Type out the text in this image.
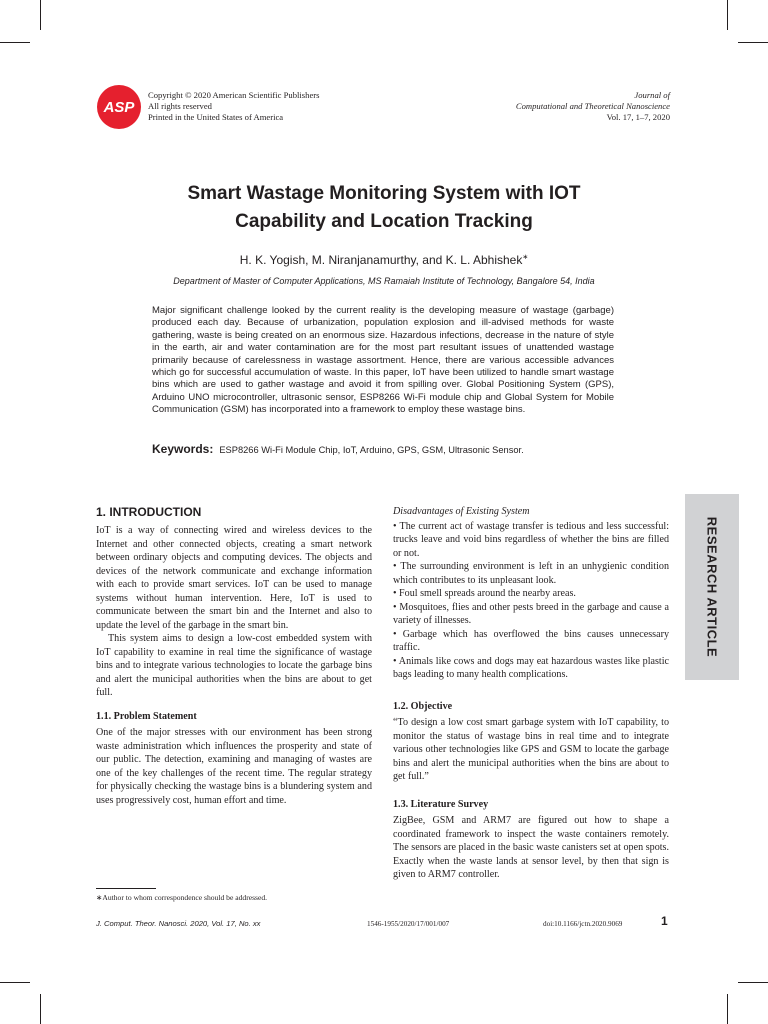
ASP
Copyright © 2020 American Scientific Publishers
All rights reserved
Printed in the United States of America
Journal of
Computational and Theoretical Nanoscience
Vol. 17, 1–7, 2020
Smart Wastage Monitoring System with IOT
Capability and Location Tracking
H. K. Yogish, M. Niranjanamurthy, and K. L. Abhishek∗
Department of Master of Computer Applications, MS Ramaiah Institute of Technology, Bangalore 54, India
Major significant challenge looked by the current reality is the developing measure of wastage (garbage) produced each day. Because of urbanization, population explosion and ill-advised methods for waste gathering, waste is being created on an enormous size. Hazardous infections, decrease in the nature of style in the earth, air and water contamination are for the most part resultant issues of unattended wastage primarily because of carelessness in wastage assortment. Hence, there are various accessible advances which go for successful accumulation of waste. In this paper, IoT have been utilized to handle smart wastage bins which are used to gather wastage and avoid it from spilling over. Global Positioning System (GPS), Arduino UNO microcontroller, ultrasonic sensor, ESP8266 Wi-Fi module chip and Global System for Mobile Communication (GSM) has incorporated into a framework to employ these wastage bins.
Keywords: ESP8266 Wi-Fi Module Chip, IoT, Arduino, GPS, GSM, Ultrasonic Sensor.
1. INTRODUCTION

IoT is a way of connecting wired and wireless devices to the Internet and other connected objects, creating a smart network between ordinary objects and computing devices. The objects and devices of the network communicate and exchange information with each to provide smart services. IoT can be used to manage systems without human intervention. Here, IoT is used to communicate between the smart bin and the Internet and also to update the level of the garbage in the smart bin.

This system aims to design a low-cost embedded system with IoT capability to examine in real time the significance of wastage bins and to integrate various technologies to locate the garbage bins and alert the municipal authorities when the bins are about to get full.

1.1. Problem Statement

One of the major stresses with our environment has been strong waste administration which influences the prosperity and state of our public. The detection, examining and managing of wastes are one of the key challenges of the recent time. The regular strategy for physically checking the wastage bins is a blundering system and uses progressively cost, human effort and time.

Disadvantages of Existing System

• The current act of wastage transfer is tedious and less successful: trucks leave and void bins regardless of whether the bins are filled or not.

• The surrounding environment is left in an unhygienic condition which contributes to its unpleasant look.

• Foul smell spreads around the nearby areas.

• Mosquitoes, flies and other pests breed in the garbage and cause a variety of illnesses.

• Garbage which has overflowed the bins causes unnecessary traffic.

• Animals like cows and dogs may eat hazardous wastes like plastic bags leading to many health complications.

1.2. Objective

“To design a low cost smart garbage system with IoT capability, to monitor the status of wastage bins in real time and to integrate various other technologies like GPS and GSM to locate the garbage bins and alert the municipal authorities when the bins are about to get full.”

1.3. Literature Survey

ZigBee, GSM and ARM7 are figured out how to shape a coordinated framework to inspect the waste containers remotely. The sensors are placed in the basic waste canisters set at open spots. Exactly when the waste lands at sensor level, by then that sign is given to ARM7 controller.

∗Author to whom correspondence should be addressed.
RESEARCH ARTICLE
J. Comput. Theor. Nanosci. 2020, Vol. 17, No. xx	1546-1955/2020/17/001/007	doi:10.1166/jctn.2020.9069	1
